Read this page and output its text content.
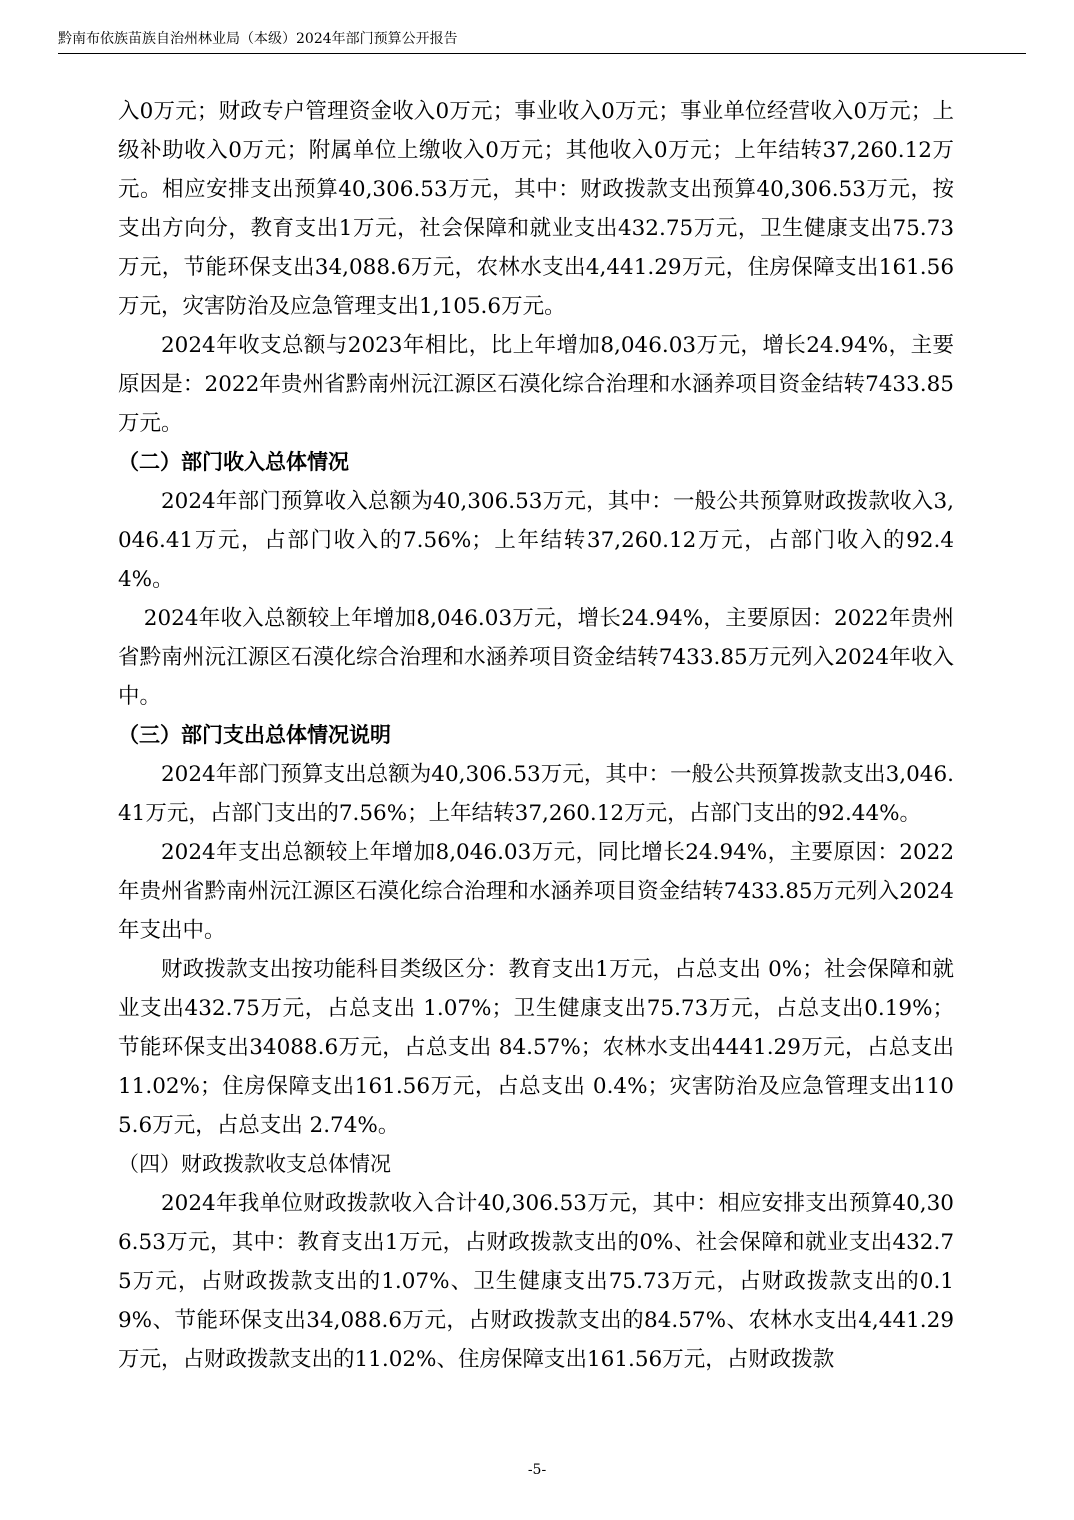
黔南布依族苗族自治州林业局（本级）2024年部门预算公开报告

入0万元；财政专户管理资金收入0万元；事业收入0万元；事业单位经营收入0万元；上级补助收入0万元；附属单位上缴收入0万元；其他收入0万元；上年结转37,260.12万元。相应安排支出预算40,306.53万元，其中：财政拨款支出预算40,306.53万元，按支出方向分，教育支出1万元，社会保障和就业支出432.75万元，卫生健康支出75.73万元，节能环保支出34,088.6万元，农林水支出4,441.29万元，住房保障支出161.56万元，灾害防治及应急管理支出1,105.6万元。

2024年收支总额与2023年相比，比上年增加8,046.03万元，增长24.94%，主要原因是：2022年贵州省黔南州沅江源区石漠化综合治理和水涵养项目资金结转7433.85万元。

（二）部门收入总体情况

2024年部门预算收入总额为40,306.53万元，其中：一般公共预算财政拨款收入3,046.41万元，占部门收入的7.56%；上年结转37,260.12万元，占部门收入的92.44%。

2024年收入总额较上年增加8,046.03万元，增长24.94%，主要原因：2022年贵州省黔南州沅江源区石漠化综合治理和水涵养项目资金结转7433.85万元列入2024年收入中。

（三）部门支出总体情况说明

2024年部门预算支出总额为40,306.53万元，其中：一般公共预算拨款支出3,046.41万元，占部门支出的7.56%；上年结转37,260.12万元，占部门支出的92.44%。

2024年支出总额较上年增加8,046.03万元，同比增长24.94%，主要原因：2022年贵州省黔南州沅江源区石漠化综合治理和水涵养项目资金结转7433.85万元列入2024年支出中。

财政拨款支出按功能科目类级区分：教育支出1万元，占总支出 0%；社会保障和就业支出432.75万元，占总支出 1.07%；卫生健康支出75.73万元，占总支出0.19%；节能环保支出34088.6万元，占总支出 84.57%；农林水支出4441.29万元，占总支出 11.02%；住房保障支出161.56万元，占总支出 0.4%；灾害防治及应急管理支出1105.6万元，占总支出 2.74%。

（四）财政拨款收支总体情况

2024年我单位财政拨款收入合计40,306.53万元，其中：相应安排支出预算40,306.53万元，其中：教育支出1万元，占财政拨款支出的0%、社会保障和就业支出432.75万元，占财政拨款支出的1.07%、卫生健康支出75.73万元，占财政拨款支出的0.19%、节能环保支出34,088.6万元，占财政拨款支出的84.57%、农林水支出4,441.29万元，占财政拨款支出的11.02%、住房保障支出161.56万元，占财政拨款

-5-
